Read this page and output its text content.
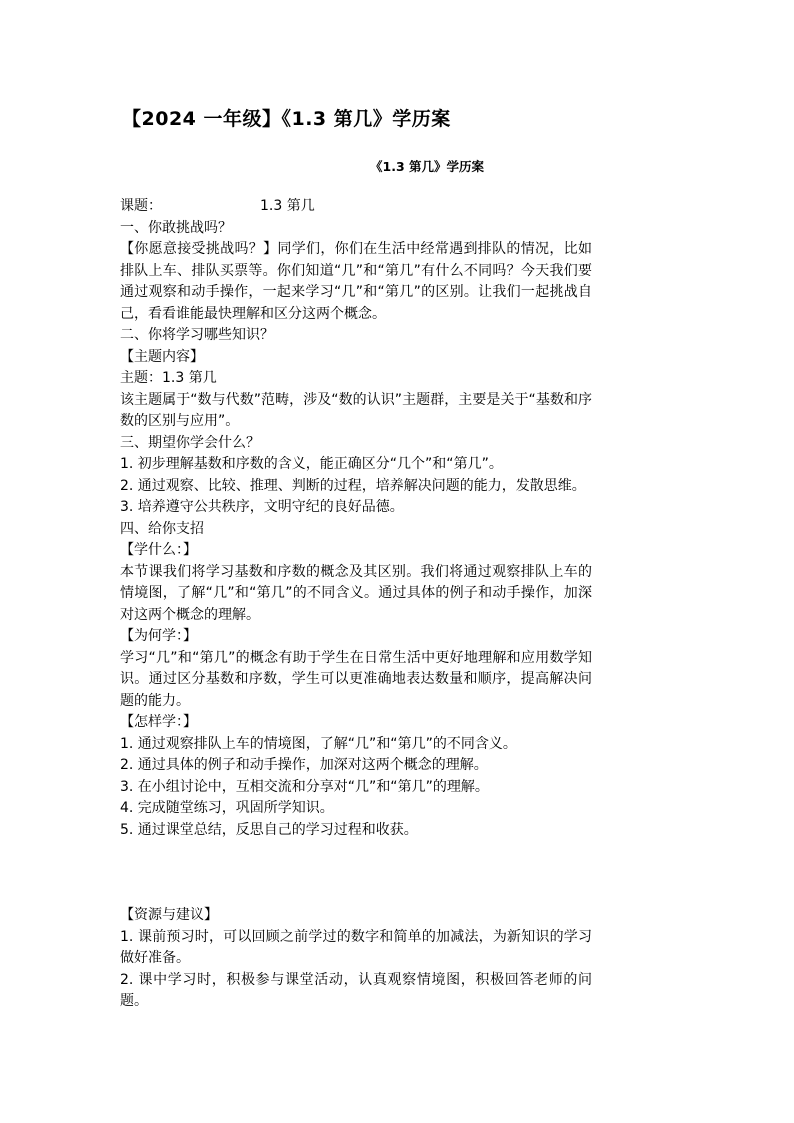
【2024 一年级】《1.3 第几》学历案
《1.3 第几》学历案
课题：	1.3 第几

一、你敢挑战吗？

【你愿意接受挑战吗？】同学们，你们在生活中经常遇到排队的情况，比如排队上车、排队买票等。你们知道“几”和“第几”有什么不同吗？今天我们要通过观察和动手操作，一起来学习“几”和“第几”的区别。让我们一起挑战自己，看看谁能最快理解和区分这两个概念。

二、你将学习哪些知识？

【主题内容】

主题：1.3 第几

该主题属于“数与代数”范畴，涉及“数的认识”主题群，主要是关于“基数和序数的区别与应用”。

三、期望你学会什么？

1. 初步理解基数和序数的含义，能正确区分“几个”和“第几”。

2. 通过观察、比较、推理、判断的过程，培养解决问题的能力，发散思维。

3. 培养遵守公共秩序，文明守纪的良好品德。

四、给你支招

【学什么：】

本节课我们将学习基数和序数的概念及其区别。我们将通过观察排队上车的情境图，了解“几”和“第几”的不同含义。通过具体的例子和动手操作，加深对这两个概念的理解。

【为何学：】

学习“几”和“第几”的概念有助于学生在日常生活中更好地理解和应用数学知识。通过区分基数和序数，学生可以更准确地表达数量和顺序，提高解决问题的能力。

【怎样学：】

1. 通过观察排队上车的情境图，了解“几”和“第几”的不同含义。

2. 通过具体的例子和动手操作，加深对这两个概念的理解。

3. 在小组讨论中，互相交流和分享对“几”和“第几”的理解。

4. 完成随堂练习，巩固所学知识。

5. 通过课堂总结，反思自己的学习过程和收获。

【资源与建议】

1. 课前预习时，可以回顾之前学过的数字和简单的加减法，为新知识的学习做好准备。

2. 课中学习时，积极参与课堂活动，认真观察情境图，积极回答老师的问题。
